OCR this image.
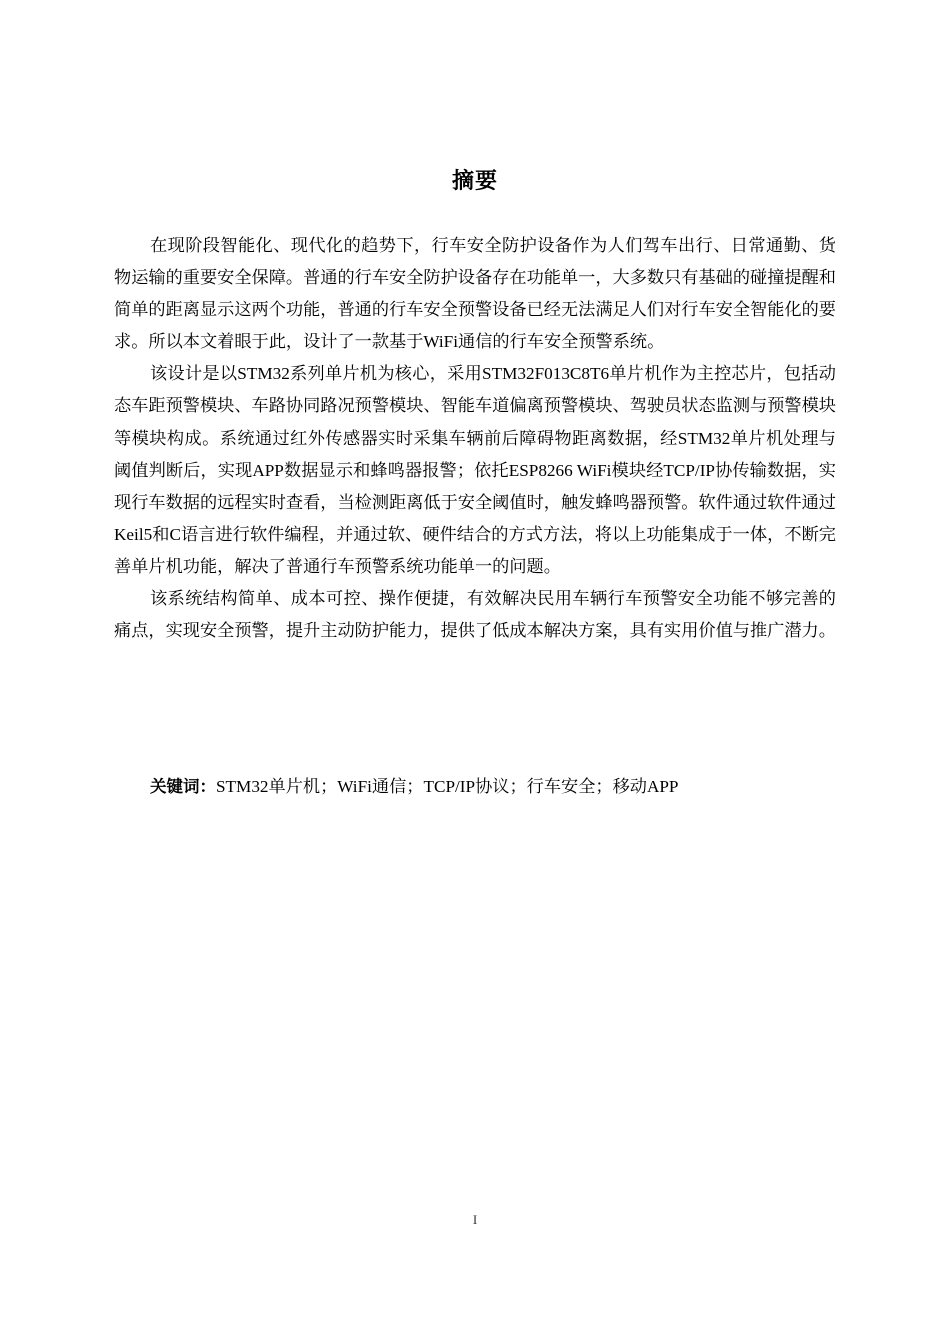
摘要

在现阶段智能化、现代化的趋势下，行车安全防护设备作为人们驾车出行、日常通勤、货物运输的重要安全保障。普通的行车安全防护设备存在功能单一，大多数只有基础的碰撞提醒和简单的距离显示这两个功能，普通的行车安全预警设备已经无法满足人们对行车安全智能化的要求。所以本文着眼于此，设计了一款基于WiFi通信的行车安全预警系统。

该设计是以STM32系列单片机为核心，采用STM32F013C8T6单片机作为主控芯片，包括动态车距预警模块、车路协同路况预警模块、智能车道偏离预警模块、驾驶员状态监测与预警模块等模块构成。系统通过红外传感器实时采集车辆前后障碍物距离数据，经STM32单片机处理与阈值判断后，实现APP数据显示和蜂鸣器报警；依托ESP8266 WiFi模块经TCP/IP协传输数据，实现行车数据的远程实时查看，当检测距离低于安全阈值时，触发蜂鸣器预警。软件通过软件通过Keil5和C语言进行软件编程，并通过软、硬件结合的方式方法，将以上功能集成于一体，不断完善单片机功能，解决了普通行车预警系统功能单一的问题。

该系统结构简单、成本可控、操作便捷，有效解决民用车辆行车预警安全功能不够完善的痛点，实现安全预警，提升主动防护能力，提供了低成本解决方案，具有实用价值与推广潜力。

关键词：STM32单片机；WiFi通信；TCP/IP协议；行车安全；移动APP
I
